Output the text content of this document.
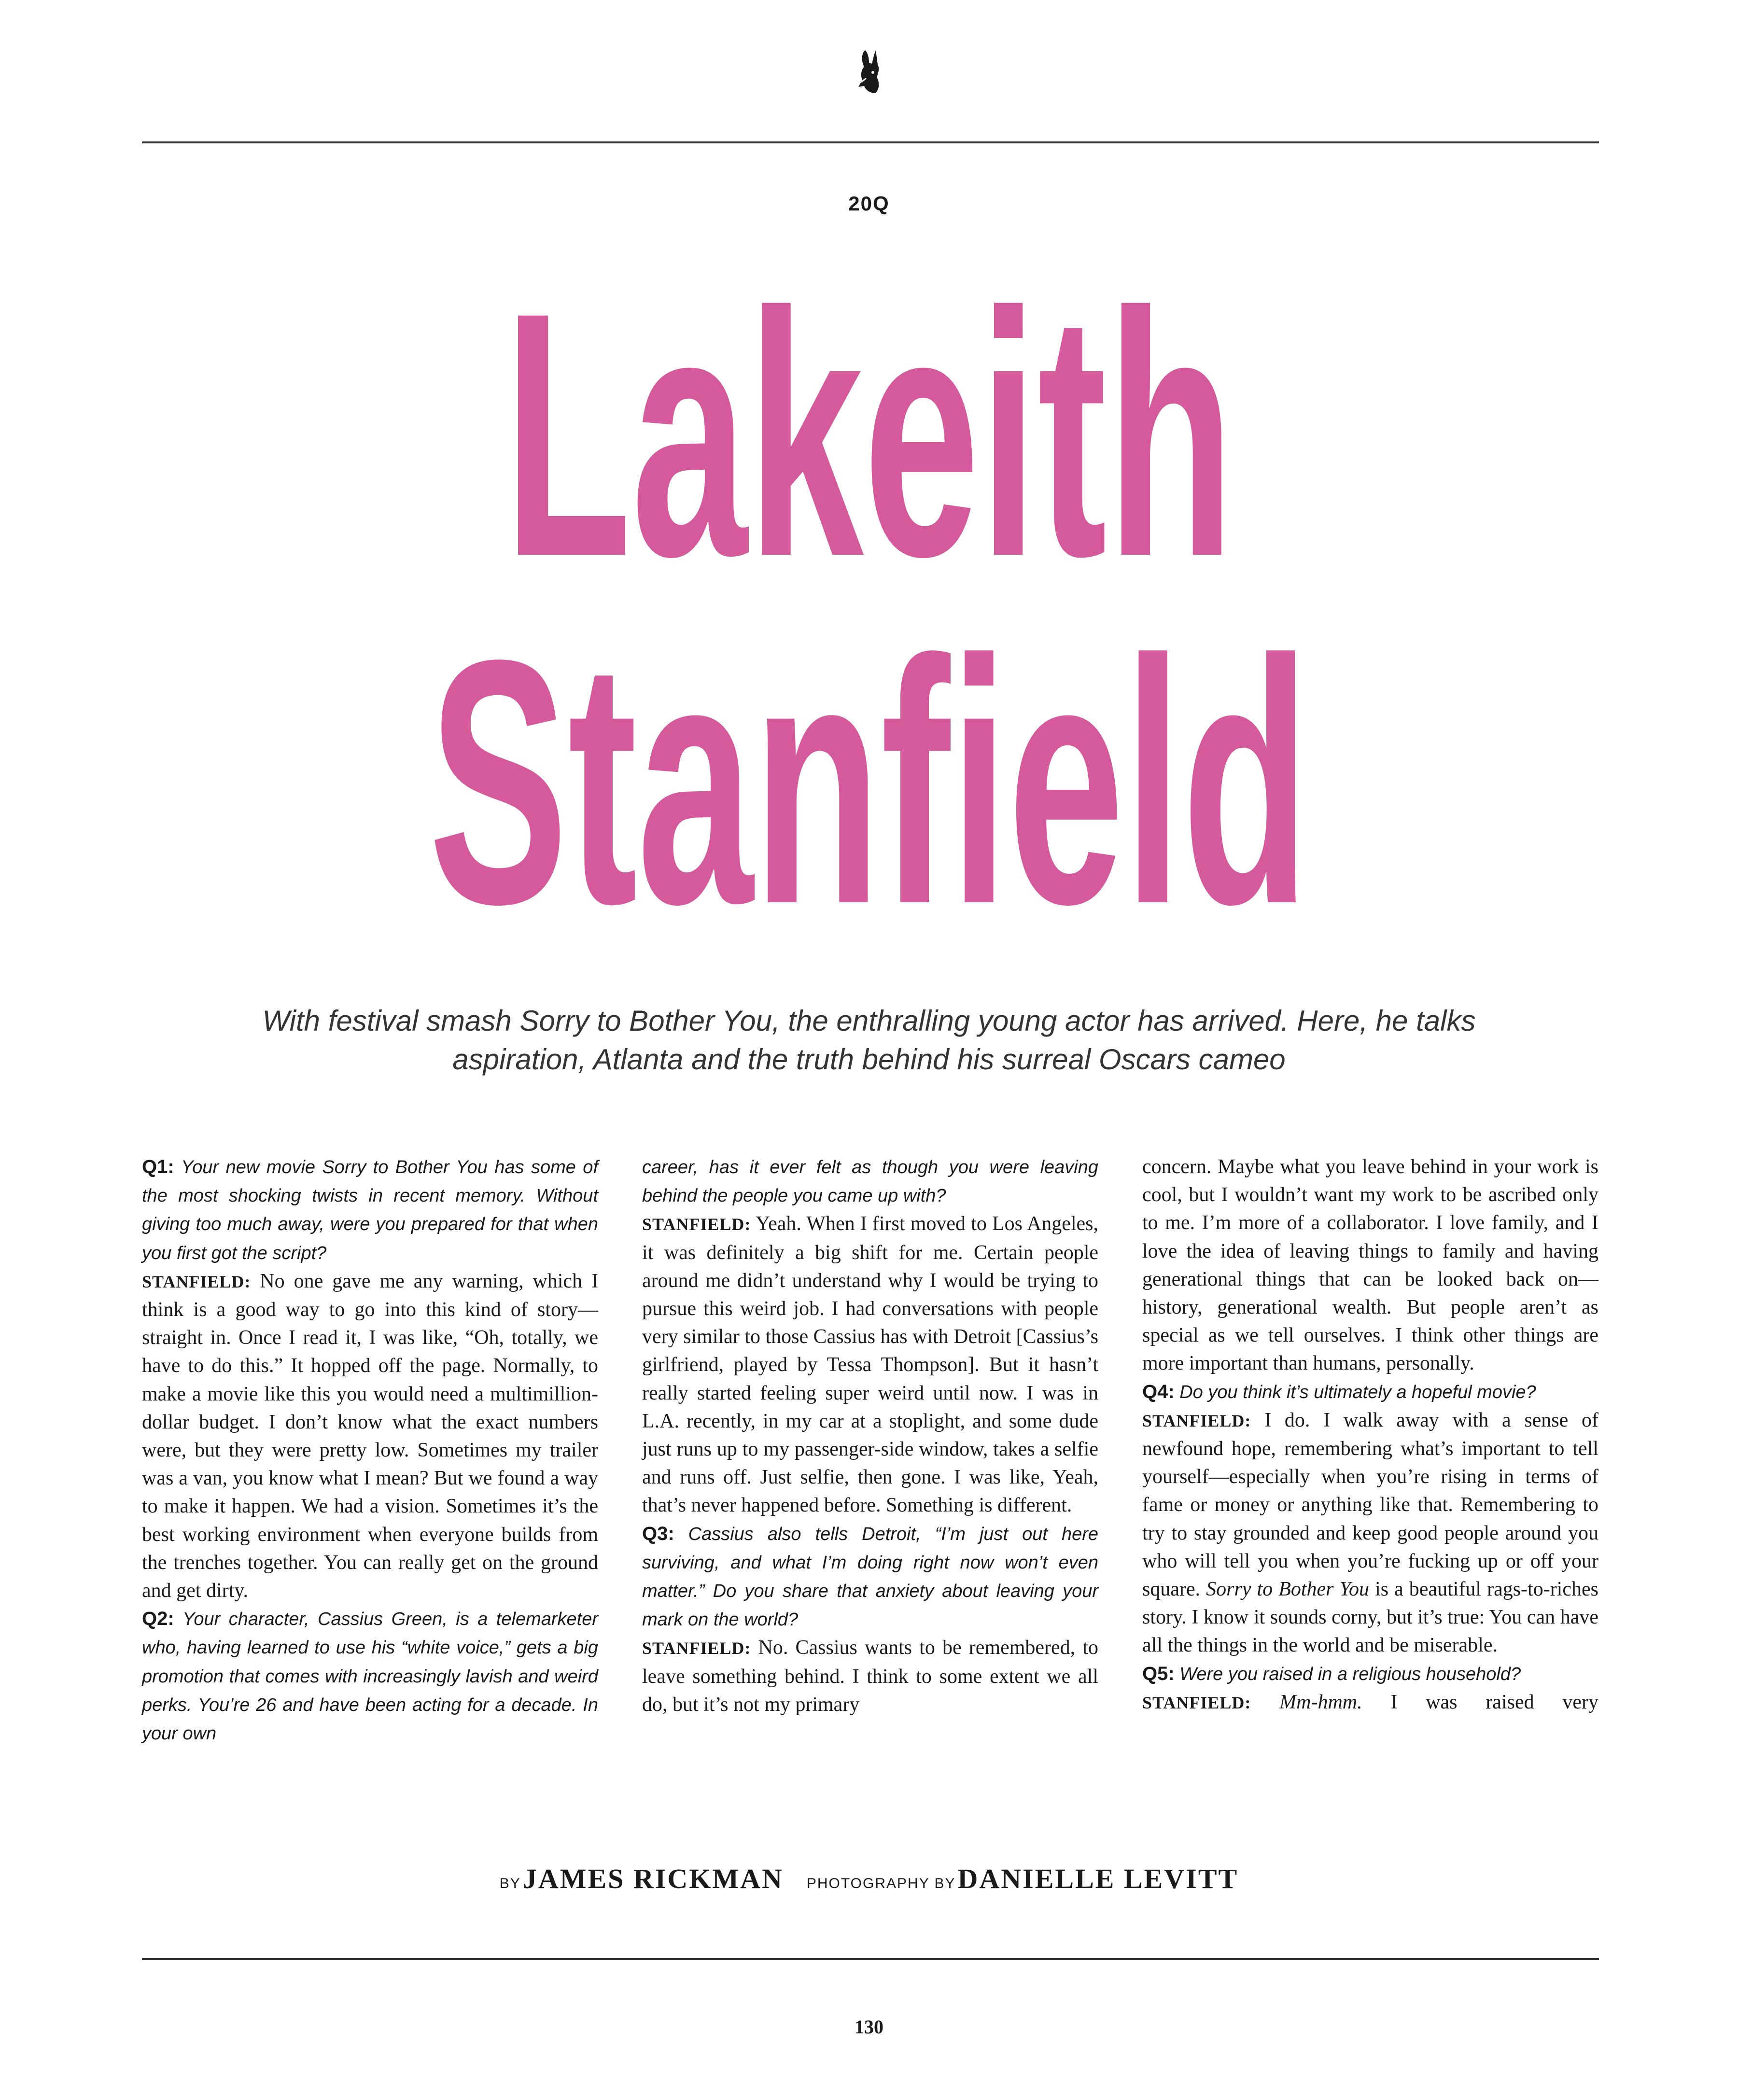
20Q
Lakeith
Stanfield
With festival smash Sorry to Bother You, the enthralling young actor has arrived. Here, he talks
aspiration, Atlanta and the truth behind his surreal Oscars cameo

Q1: Your new movie Sorry to Bother You has some of the most shocking twists in recent memory. Without giving too much away, were you prepared for that when you first got the script?

STANFIELD: No one gave me any warning, which I think is a good way to go into this kind of story—straight in. Once I read it, I was like, “Oh, totally, we have to do this.” It hopped off the page. Normally, to make a movie like this you would need a multimillion-dollar budget. I don’t know what the exact numbers were, but they were pretty low. Sometimes my trailer was a van, you know what I mean? But we found a way to make it happen. We had a vision. Sometimes it’s the best working environment when everyone builds from the trenches together. You can really get on the ground and get dirty.

Q2: Your character, Cassius Green, is a telemarketer who, having learned to use his “white voice,” gets a big promotion that comes with increasingly lavish and weird perks. You’re 26 and have been acting for a decade. In your own

career, has it ever felt as though you were leaving behind the people you came up with?

STANFIELD: Yeah. When I first moved to Los Angeles, it was definitely a big shift for me. Certain people around me didn’t understand why I would be trying to pursue this weird job. I had conversations with people very similar to those Cassius has with Detroit [Cassius’s girlfriend, played by Tessa Thompson]. But it hasn’t really started feeling super weird until now. I was in L.A. recently, in my car at a stoplight, and some dude just runs up to my passenger-side window, takes a selfie and runs off. Just selfie, then gone. I was like, Yeah, that’s never happened before. Something is different.

Q3: Cassius also tells Detroit, “I’m just out here surviving, and what I’m doing right now won’t even matter.” Do you share that anxiety about leaving your mark on the world?

STANFIELD: No. Cassius wants to be remembered, to leave something behind. I think to some extent we all do, but it’s not my primary

concern. Maybe what you leave behind in your work is cool, but I wouldn’t want my work to be ascribed only to me. I’m more of a collaborator. I love family, and I love the idea of leaving things to family and having generational things that can be looked back on—history, generational wealth. But people aren’t as special as we tell ourselves. I think other things are more important than humans, personally.

Q4: Do you think it’s ultimately a hopeful movie?

STANFIELD: I do. I walk away with a sense of newfound hope, remembering what’s important to tell yourself—especially when you’re rising in terms of fame or money or anything like that. Remembering to try to stay grounded and keep good people around you who will tell you when you’re fucking up or off your square. Sorry to Bother You is a beautiful rags-to-riches story. I know it sounds corny, but it’s true: You can have all the things in the world and be miserable.

Q5: Were you raised in a religious household?

STANFIELD: Mm-hmm. I was raised very

BY JAMES RICKMAN PHOTOGRAPHY BY DANIELLE LEVITT
130
